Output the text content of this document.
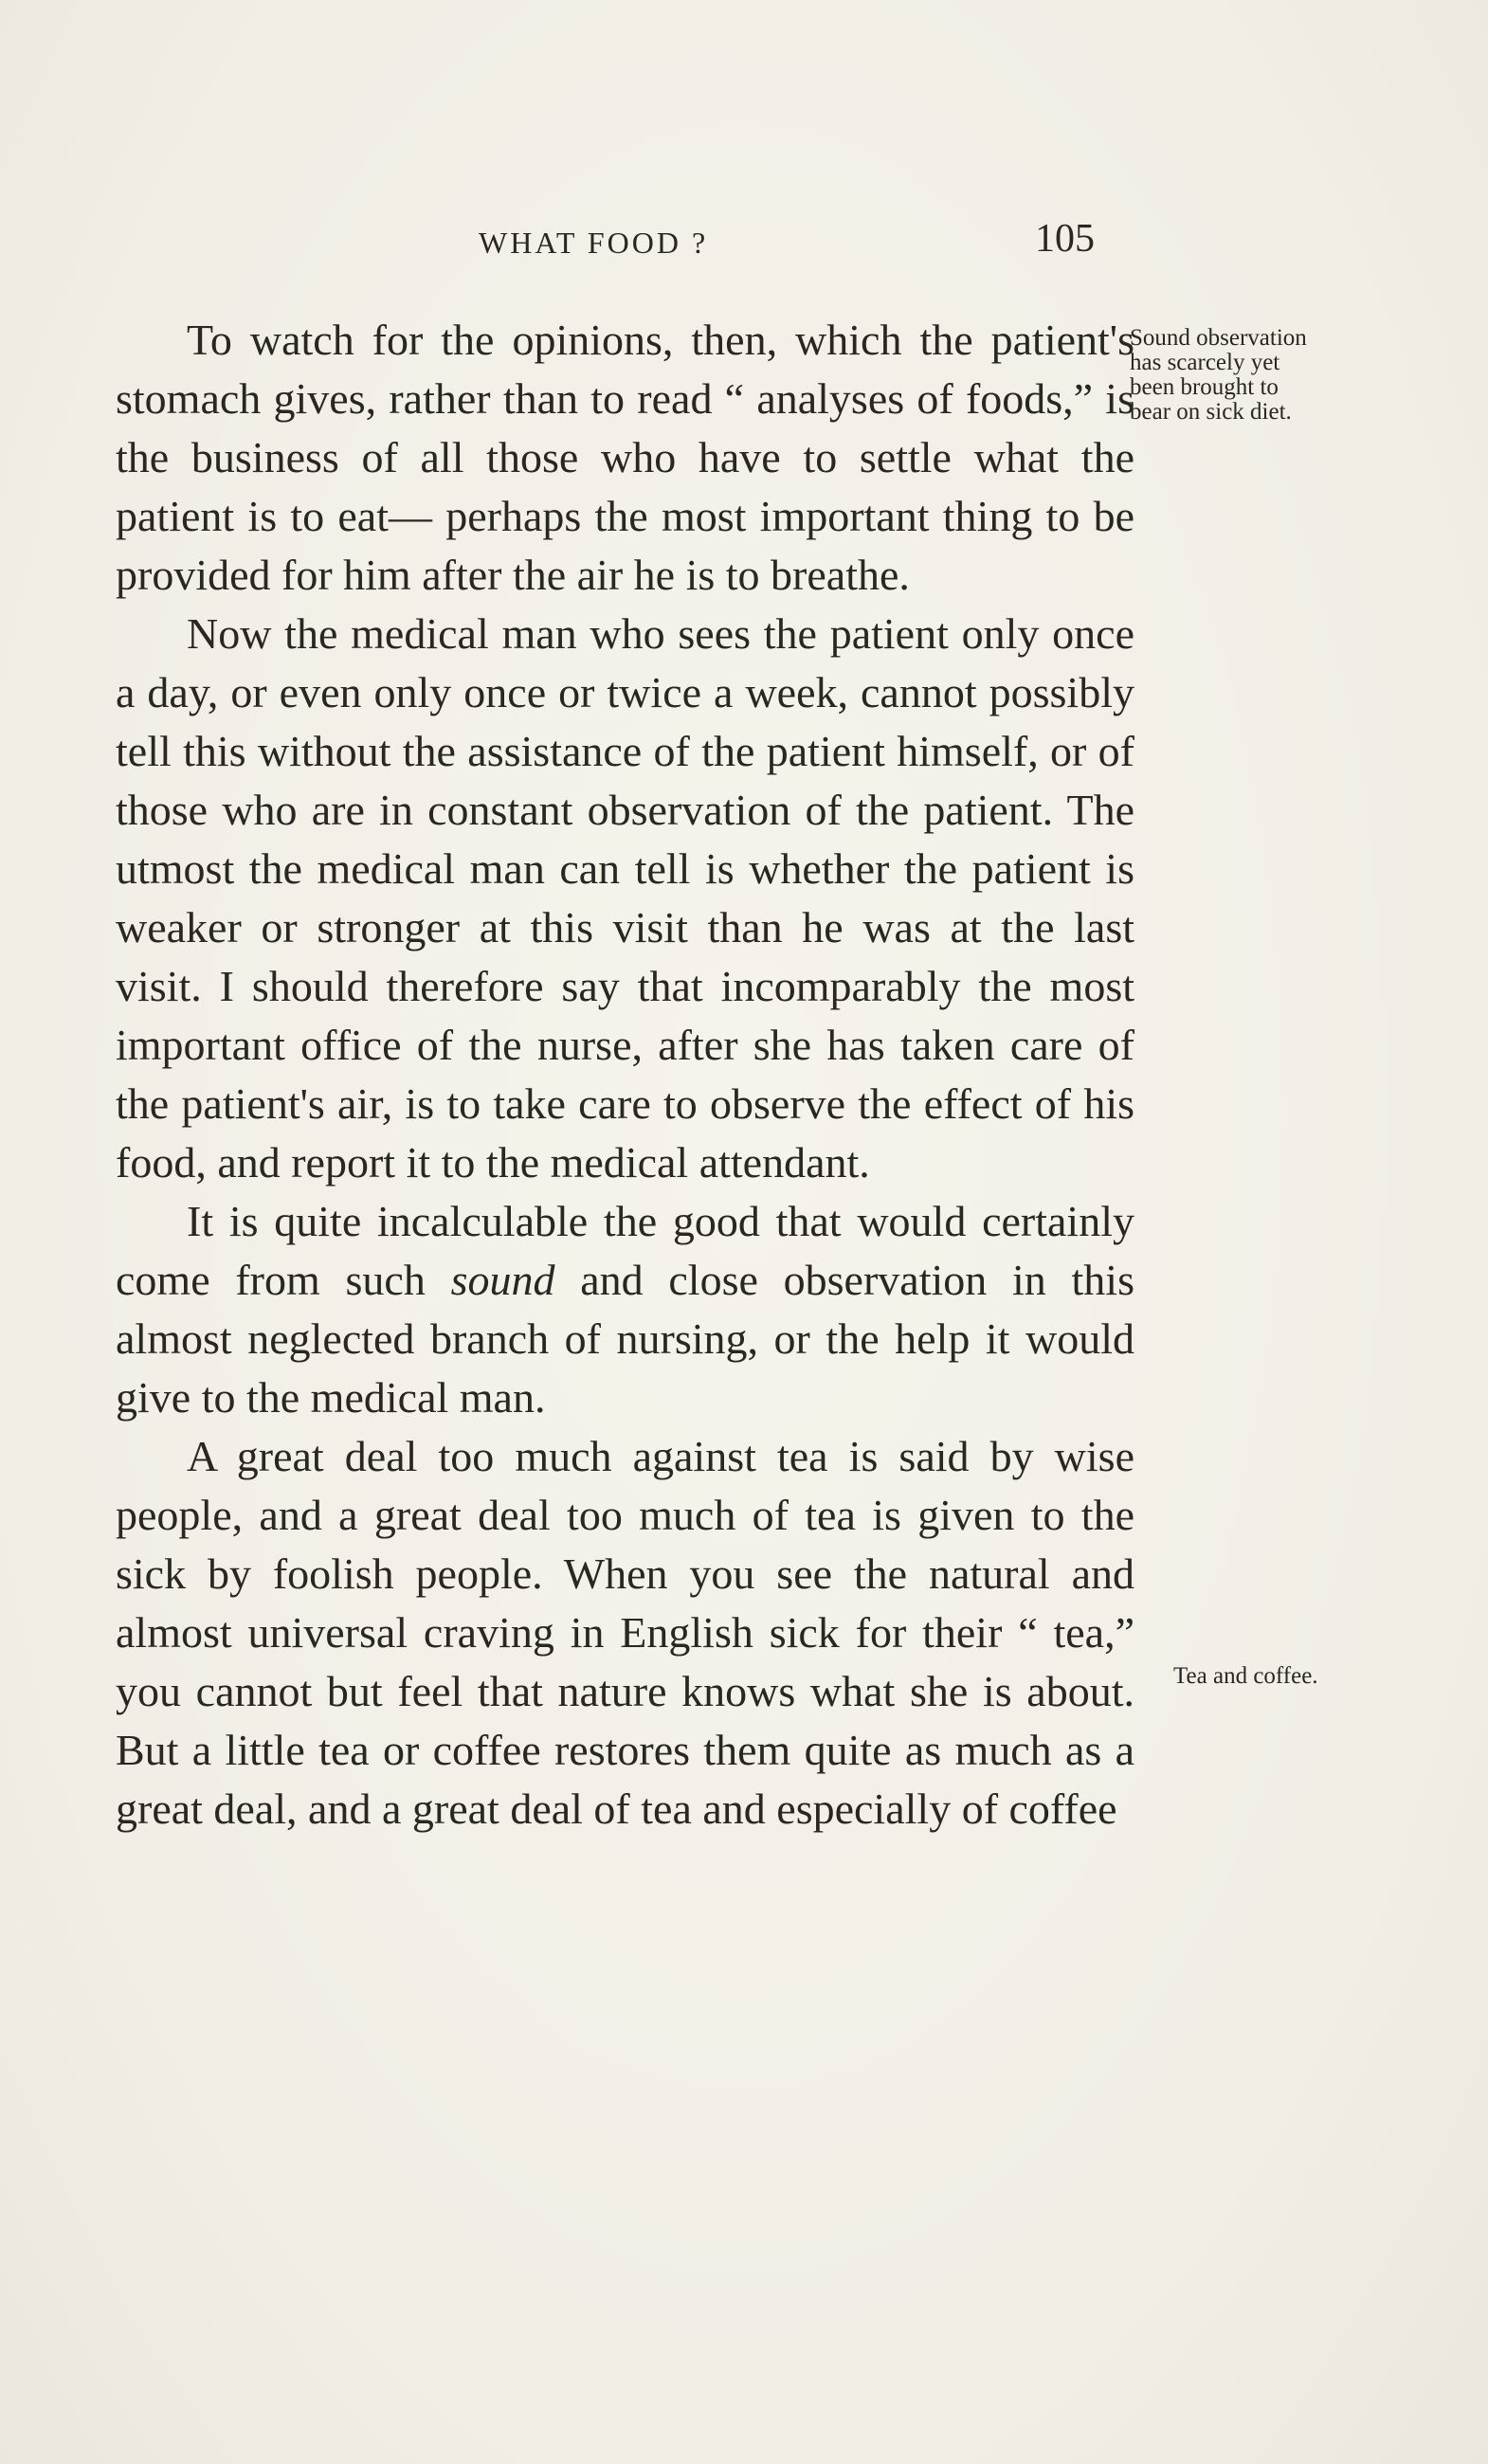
WHAT FOOD ?	105

To watch for the opinions, then, which the patient's stomach gives, rather than to read “ analyses of foods,” is the business of all those who have to settle what the patient is to eat— perhaps the most important thing to be provided for him after the air he is to breathe.

Now the medical man who sees the patient only once a day, or even only once or twice a week, cannot possibly tell this without the assistance of the patient himself, or of those who are in constant observation of the patient. The utmost the medical man can tell is whether the patient is weaker or stronger at this visit than he was at the last visit. I should therefore say that incomparably the most important office of the nurse, after she has taken care of the patient's air, is to take care to observe the effect of his food, and report it to the medical attendant.

It is quite incalculable the good that would certainly come from such sound and close observation in this almost neglected branch of nursing, or the help it would give to the medical man.

A great deal too much against tea is said by wise people, and a great deal too much of tea is given to the sick by foolish people. When you see the natural and almost universal craving in English sick for their “ tea,” you cannot but feel that nature knows what she is about. But a little tea or coffee restores them quite as much as a great deal, and a great deal of tea and especially of coffee

Sound observation has scarcely yet been brought to bear on sick diet.
Tea and coffee.
